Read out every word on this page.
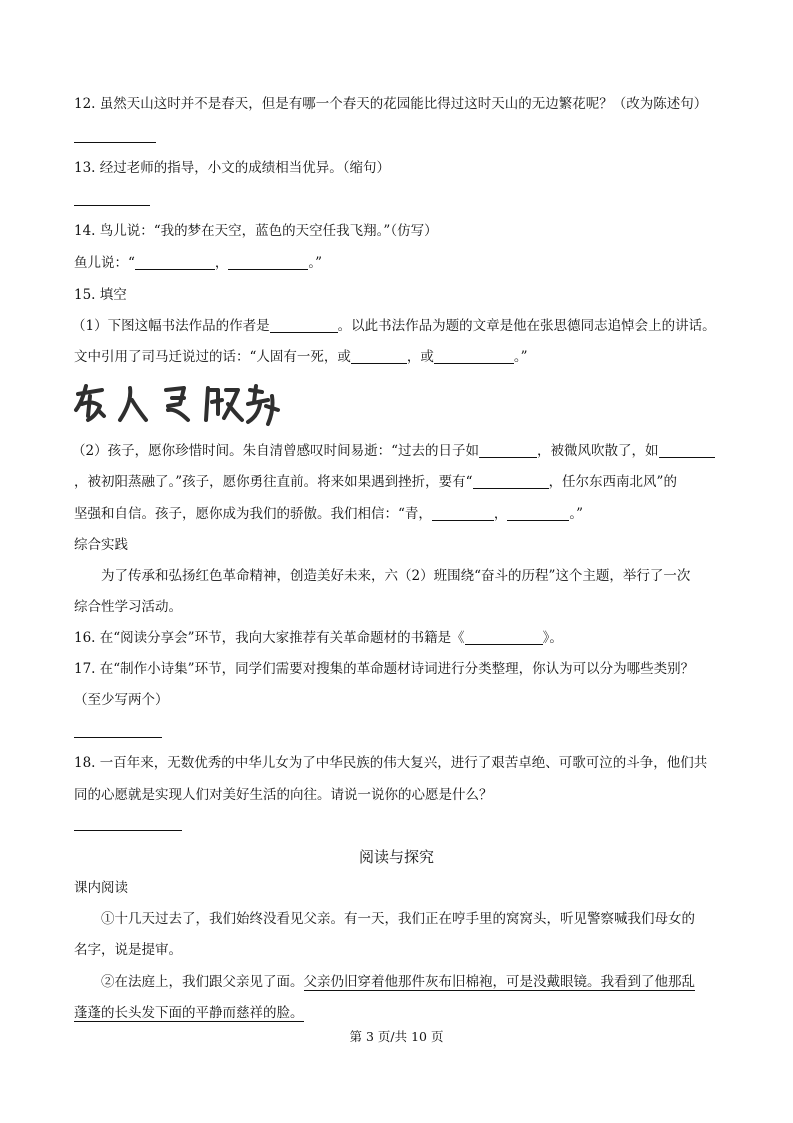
12. 虽然天山这时并不是春天，但是有哪一个春天的花园能比得过这时天山的无边繁花呢？（改为陈述句）
13. 经过老师的指导，小文的成绩相当优异。（缩句）
14. 鸟儿说：“我的梦在天空，蓝色的天空任我飞翔。”（仿写）
鱼儿说：“	，	。”
15. 填空
（1）下图这幅书法作品的作者是	。以此书法作品为题的文章是他在张思德同志追悼会上的讲话。
文中引用了司马迁说过的话：“人固有一死，或	，或	。”
（2）孩子，愿你珍惜时间。朱自清曾感叹时间易逝：“过去的日子如	，被微风吹散了，如
，被初阳蒸融了。”孩子，愿你勇往直前。将来如果遇到挫折，要有“	，任尔东西南北风”的
坚强和自信。孩子，愿你成为我们的骄傲。我们相信：“青，	，	。”
综合实践
为了传承和弘扬红色革命精神，创造美好未来，六（2）班围绕“奋斗的历程”这个主题，举行了一次
综合性学习活动。
16. 在“阅读分享会”环节，我向大家推荐有关革命题材的书籍是《	》。
17. 在“制作小诗集”环节，同学们需要对搜集的革命题材诗词进行分类整理，你认为可以分为哪些类别？
（至少写两个）
18. 一百年来，无数优秀的中华儿女为了中华民族的伟大复兴，进行了艰苦卓绝、可歌可泣的斗争，他们共
同的心愿就是实现人们对美好生活的向往。请说一说你的心愿是什么？
阅读与探究
课内阅读
①十几天过去了，我们始终没看见父亲。有一天，我们正在哼手里的窝窝头，听见警察喊我们母女的
名字，说是提审。
②在法庭上，我们跟父亲见了面。父亲仍旧穿着他那件灰布旧棉袍，可是没戴眼镜。我看到了他那乱
蓬蓬的长头发下面的平静而慈祥的脸。
第 3 页/共 10 页
